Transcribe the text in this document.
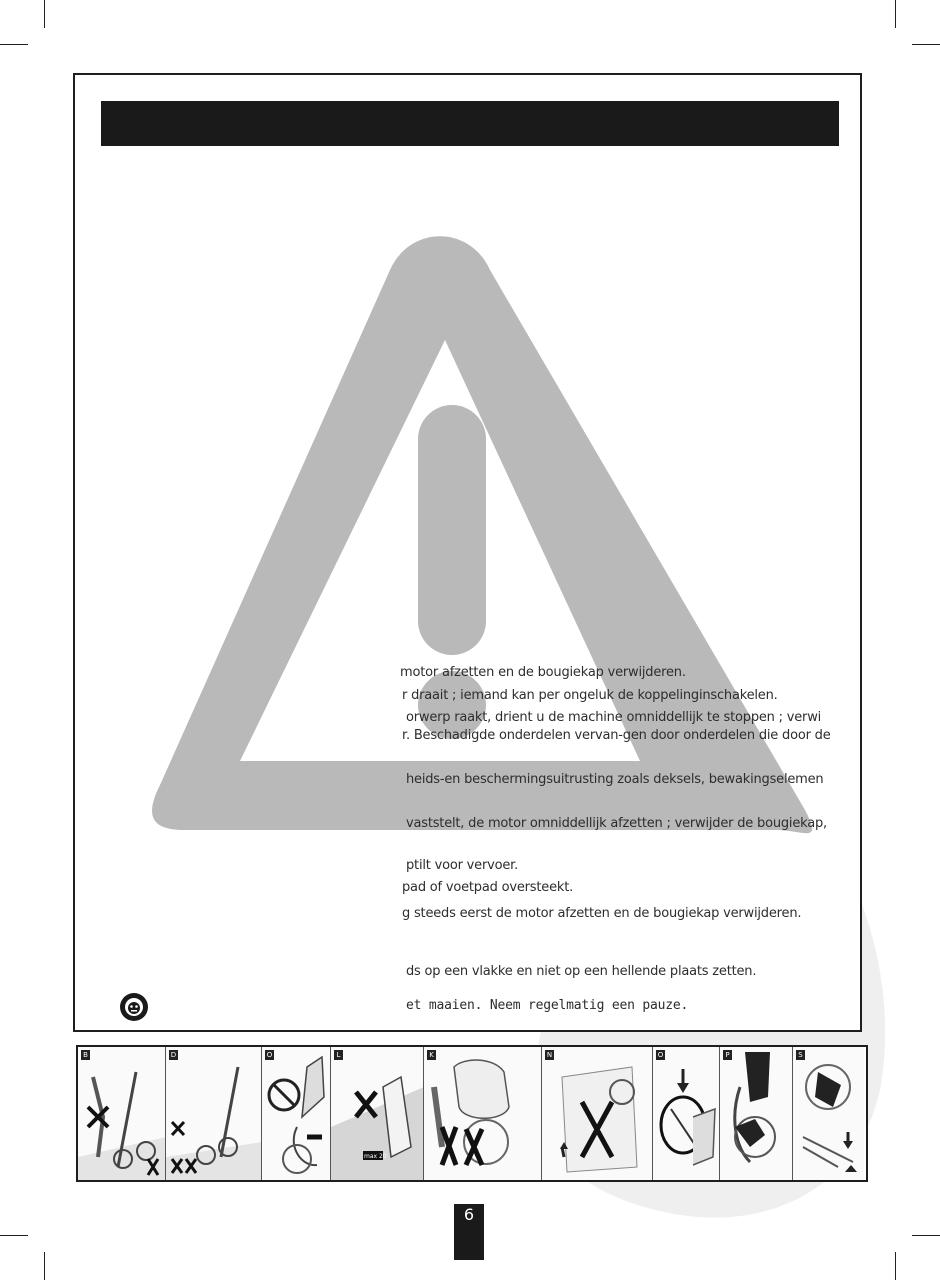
motor afzetten en de bougiekap verwijderen.
r draait ; iemand kan per ongeluk de koppelinginschakelen.
orwerp raakt, drient u de machine omniddellijk te stoppen ; verwi
r. Beschadigde onderdelen vervan-gen door onderdelen die door de
heids-en beschermingsuitrusting zoals deksels, bewakingselemen
vaststelt, de motor omniddellijk afzetten ; verwijder de bougiekap,
ptilt voor vervoer.
pad of voetpad oversteekt.
g steeds eerst de motor afzetten en de bougiekap verwijderen.
ds op een vlakke en niet op een hellende plaats zetten.
et maaien. Neem regelmatig een pauze.
B	D	O	L
max 20
K	N	O	P	S
6
